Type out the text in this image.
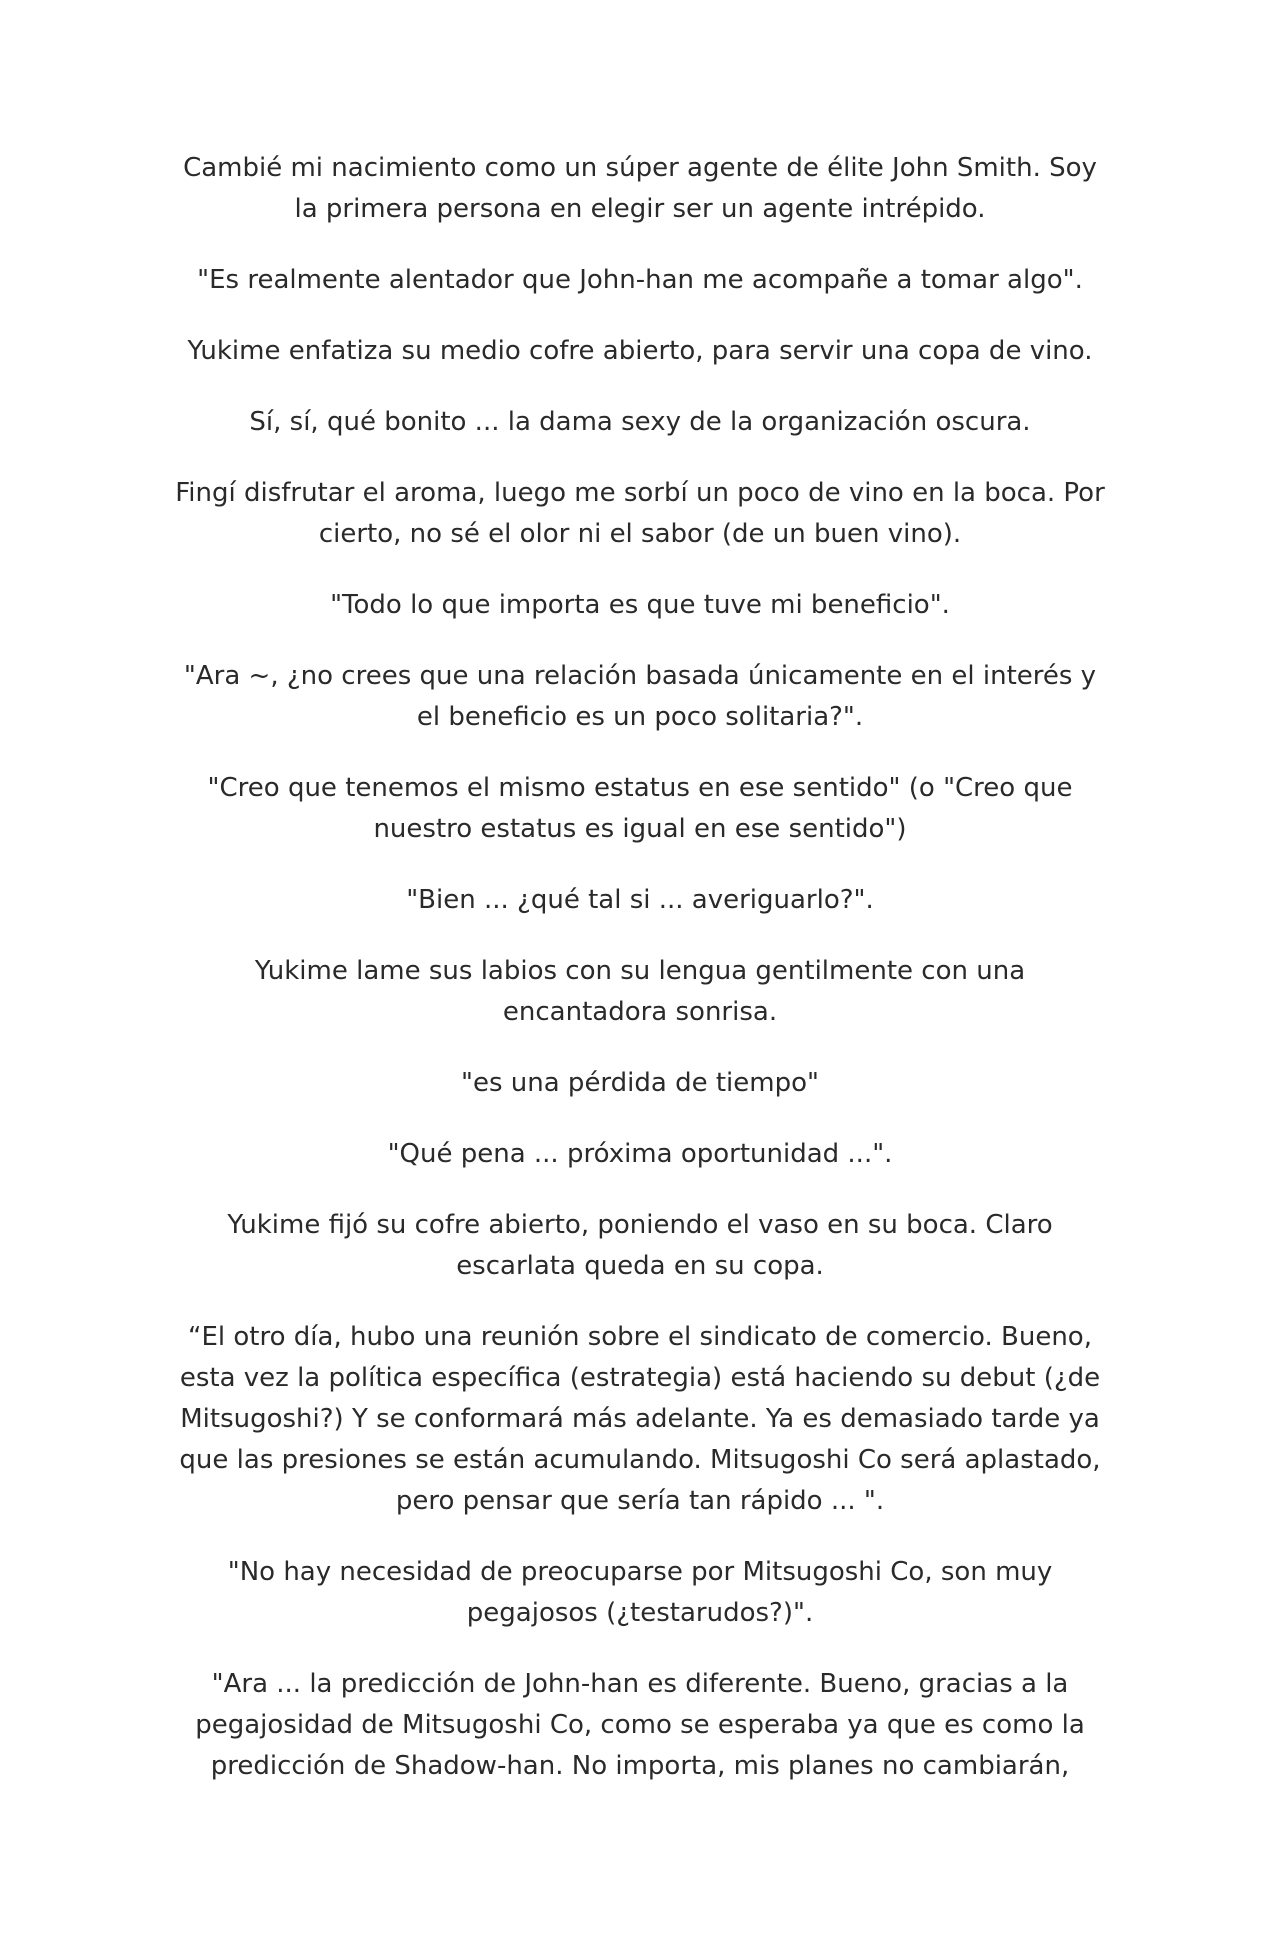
Cambié mi nacimiento como un súper agente de élite John Smith. Soy la primera persona en elegir ser un agente intrépido.

"Es realmente alentador que John-han me acompañe a tomar algo".

Yukime enfatiza su medio cofre abierto, para servir una copa de vino.

Sí, sí, qué bonito ... la dama sexy de la organización oscura.

Fingí disfrutar el aroma, luego me sorbí un poco de vino en la boca. Por cierto, no sé el olor ni el sabor (de un buen vino).

"Todo lo que importa es que tuve mi beneficio".

"Ara ~, ¿no crees que una relación basada únicamente en el interés y el beneficio es un poco solitaria?".

"Creo que tenemos el mismo estatus en ese sentido" (o "Creo que nuestro estatus es igual en ese sentido")

"Bien ... ¿qué tal si ... averiguarlo?".

Yukime lame sus labios con su lengua gentilmente con una encantadora sonrisa.

"es una pérdida de tiempo"

"Qué pena ... próxima oportunidad ...".

Yukime fijó su cofre abierto, poniendo el vaso en su boca. Claro escarlata queda en su copa.

“El otro día, hubo una reunión sobre el sindicato de comercio. Bueno, esta vez la política específica (estrategia) está haciendo su debut (¿de Mitsugoshi?) Y se conformará más adelante. Ya es demasiado tarde ya que las presiones se están acumulando. Mitsugoshi Co será aplastado, pero pensar que sería tan rápido ... ".

"No hay necesidad de preocuparse por Mitsugoshi Co, son muy pegajosos (¿testarudos?)".

"Ara ... la predicción de John-han es diferente. Bueno, gracias a la pegajosidad de Mitsugoshi Co, como se esperaba ya que es como la predicción de Shadow-han. No importa, mis planes no cambiarán,
